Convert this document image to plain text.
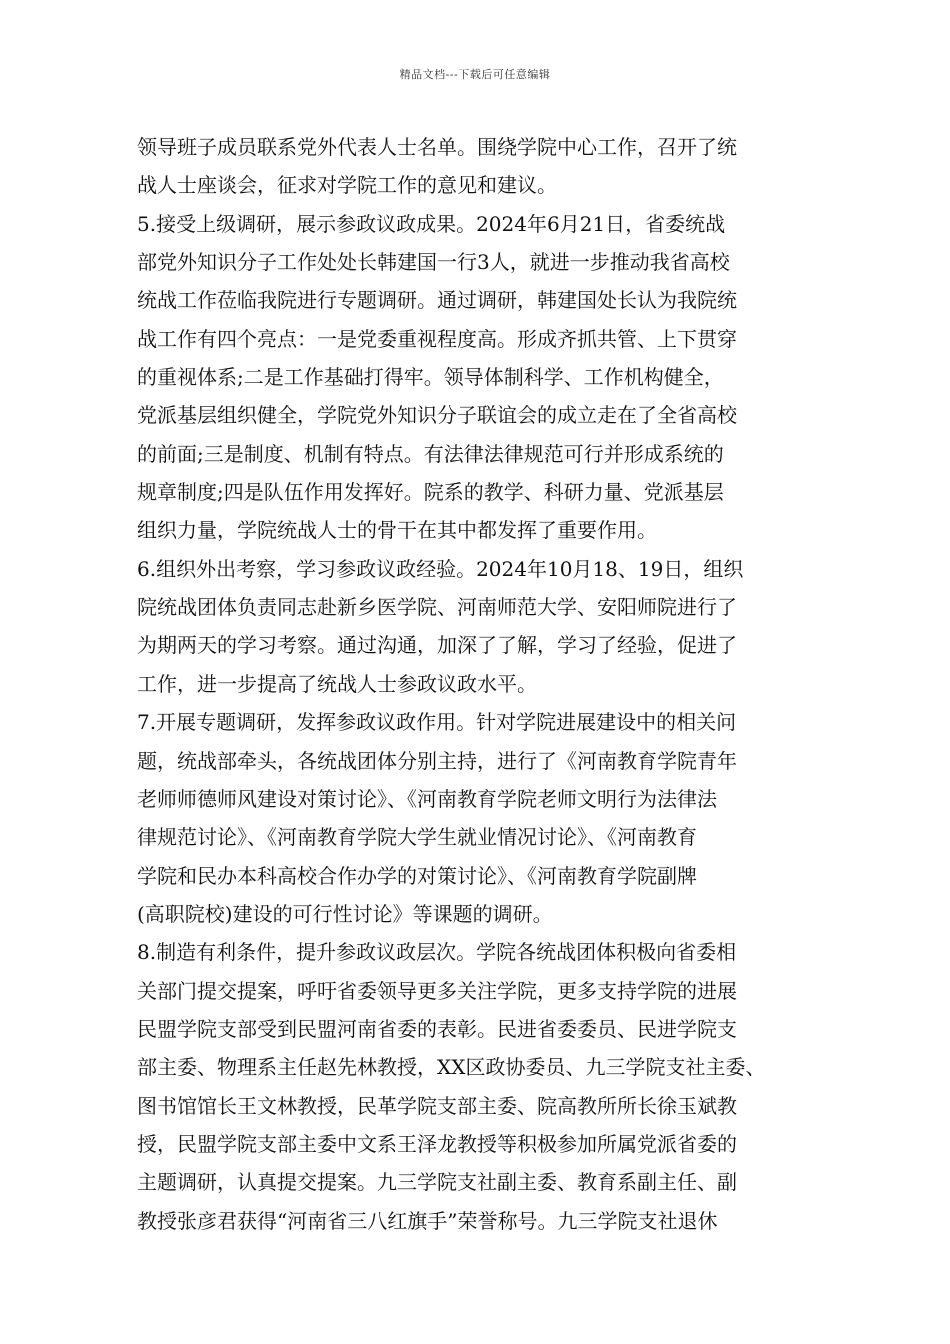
精品文档---下载后可任意编辑
领导班子成员联系党外代表人士名单。围绕学院中心工作，召开了统
战人士座谈会，征求对学院工作的意见和建议。
5.接受上级调研，展示参政议政成果。2024年6月21日，省委统战
部党外知识分子工作处处长韩建国一行3人，就进一步推动我省高校
统战工作莅临我院进行专题调研。通过调研，韩建国处长认为我院统
战工作有四个亮点：一是党委重视程度高。形成齐抓共管、上下贯穿
的重视体系;二是工作基础打得牢。领导体制科学、工作机构健全，
党派基层组织健全，学院党外知识分子联谊会的成立走在了全省高校
的前面;三是制度、机制有特点。有法律法律规范可行并形成系统的
规章制度;四是队伍作用发挥好。院系的教学、科研力量、党派基层
组织力量，学院统战人士的骨干在其中都发挥了重要作用。
6.组织外出考察，学习参政议政经验。2024年10月18、19日，组织
院统战团体负责同志赴新乡医学院、河南师范大学、安阳师院进行了
为期两天的学习考察。通过沟通，加深了了解，学习了经验，促进了
工作，进一步提高了统战人士参政议政水平。
7.开展专题调研，发挥参政议政作用。针对学院进展建设中的相关问
题，统战部牵头，各统战团体分别主持，进行了《河南教育学院青年
老师师德师风建设对策讨论》、《河南教育学院老师文明行为法律法
律规范讨论》、《河南教育学院大学生就业情况讨论》、《河南教育
学院和民办本科高校合作办学的对策讨论》、《河南教育学院副牌
(高职院校)建设的可行性讨论》等课题的调研。
8.制造有利条件，提升参政议政层次。学院各统战团体积极向省委相
关部门提交提案，呼吁省委领导更多关注学院，更多支持学院的进展
民盟学院支部受到民盟河南省委的表彰。民进省委委员、民进学院支
部主委、物理系主任赵先林教授，XX区政协委员、九三学院支社主委、
图书馆馆长王文林教授，民革学院支部主委、院高教所所长徐玉斌教
授，民盟学院支部主委中文系王泽龙教授等积极参加所属党派省委的
主题调研，认真提交提案。九三学院支社副主委、教育系副主任、副
教授张彦君获得“河南省三八红旗手”荣誉称号。九三学院支社退休
